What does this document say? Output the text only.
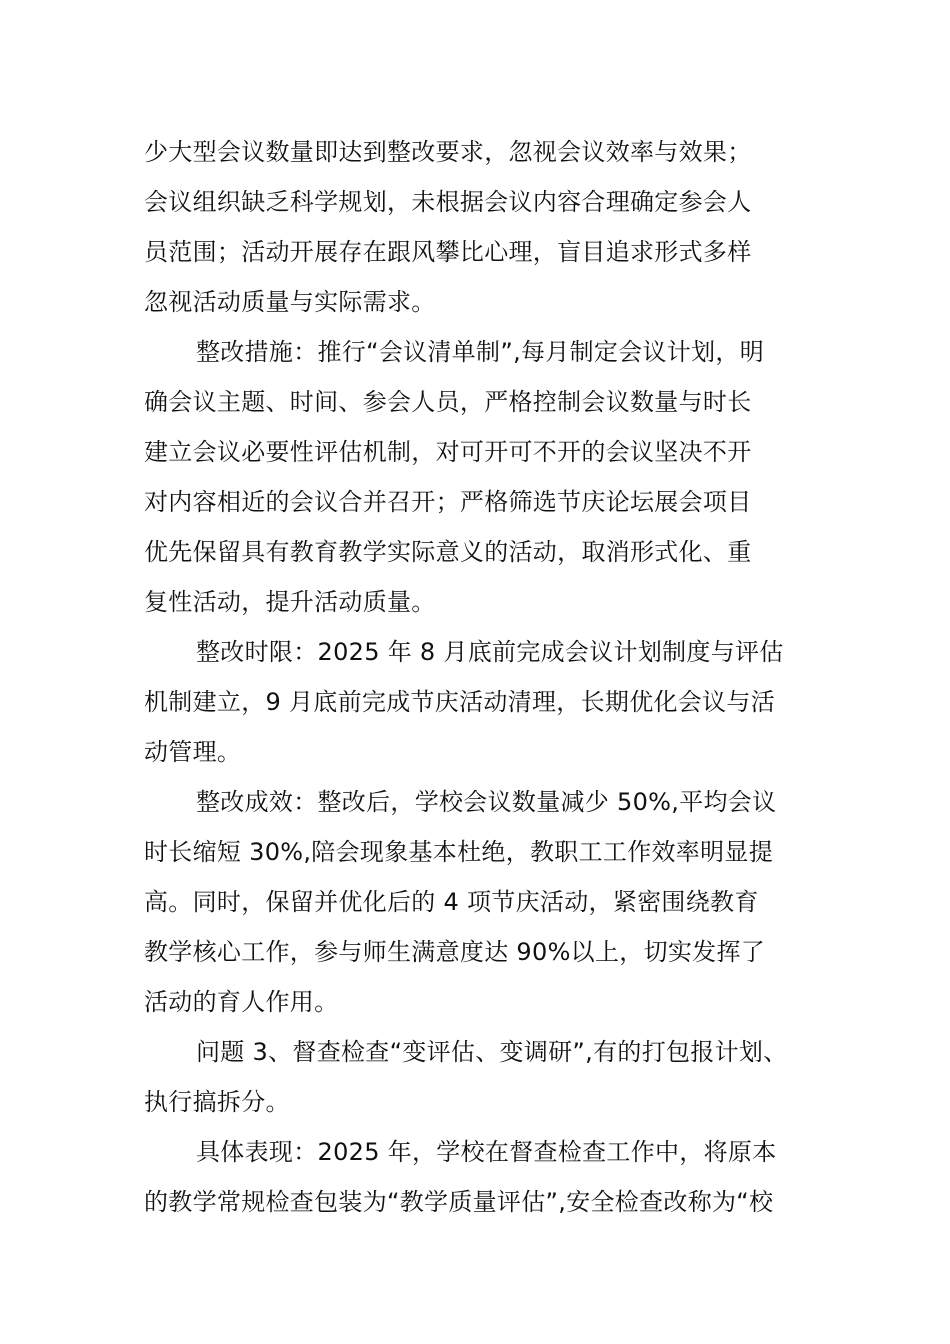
少大型会议数量即达到整改要求，忽视会议效率与效果；
会议组织缺乏科学规划，未根据会议内容合理确定参会人
员范围；活动开展存在跟风攀比心理，盲目追求形式多样
忽视活动质量与实际需求。
整改措施：推行“会议清单制”,每月制定会议计划，明
确会议主题、时间、参会人员，严格控制会议数量与时长
建立会议必要性评估机制，对可开可不开的会议坚决不开
对内容相近的会议合并召开；严格筛选节庆论坛展会项目
优先保留具有教育教学实际意义的活动，取消形式化、重
复性活动，提升活动质量。
整改时限：2025 年 8 月底前完成会议计划制度与评估
机制建立，9 月底前完成节庆活动清理，长期优化会议与活
动管理。
整改成效：整改后，学校会议数量减少 50%,平均会议
时长缩短 30%,陪会现象基本杜绝，教职工工作效率明显提
高。同时，保留并优化后的 4 项节庆活动，紧密围绕教育
教学核心工作，参与师生满意度达 90%以上，切实发挥了
活动的育人作用。
问题 3、督查检查“变评估、变调研”,有的打包报计划、
执行搞拆分。
具体表现：2025 年，学校在督查检查工作中，将原本
的教学常规检查包装为“教学质量评估”,安全检查改称为“校
